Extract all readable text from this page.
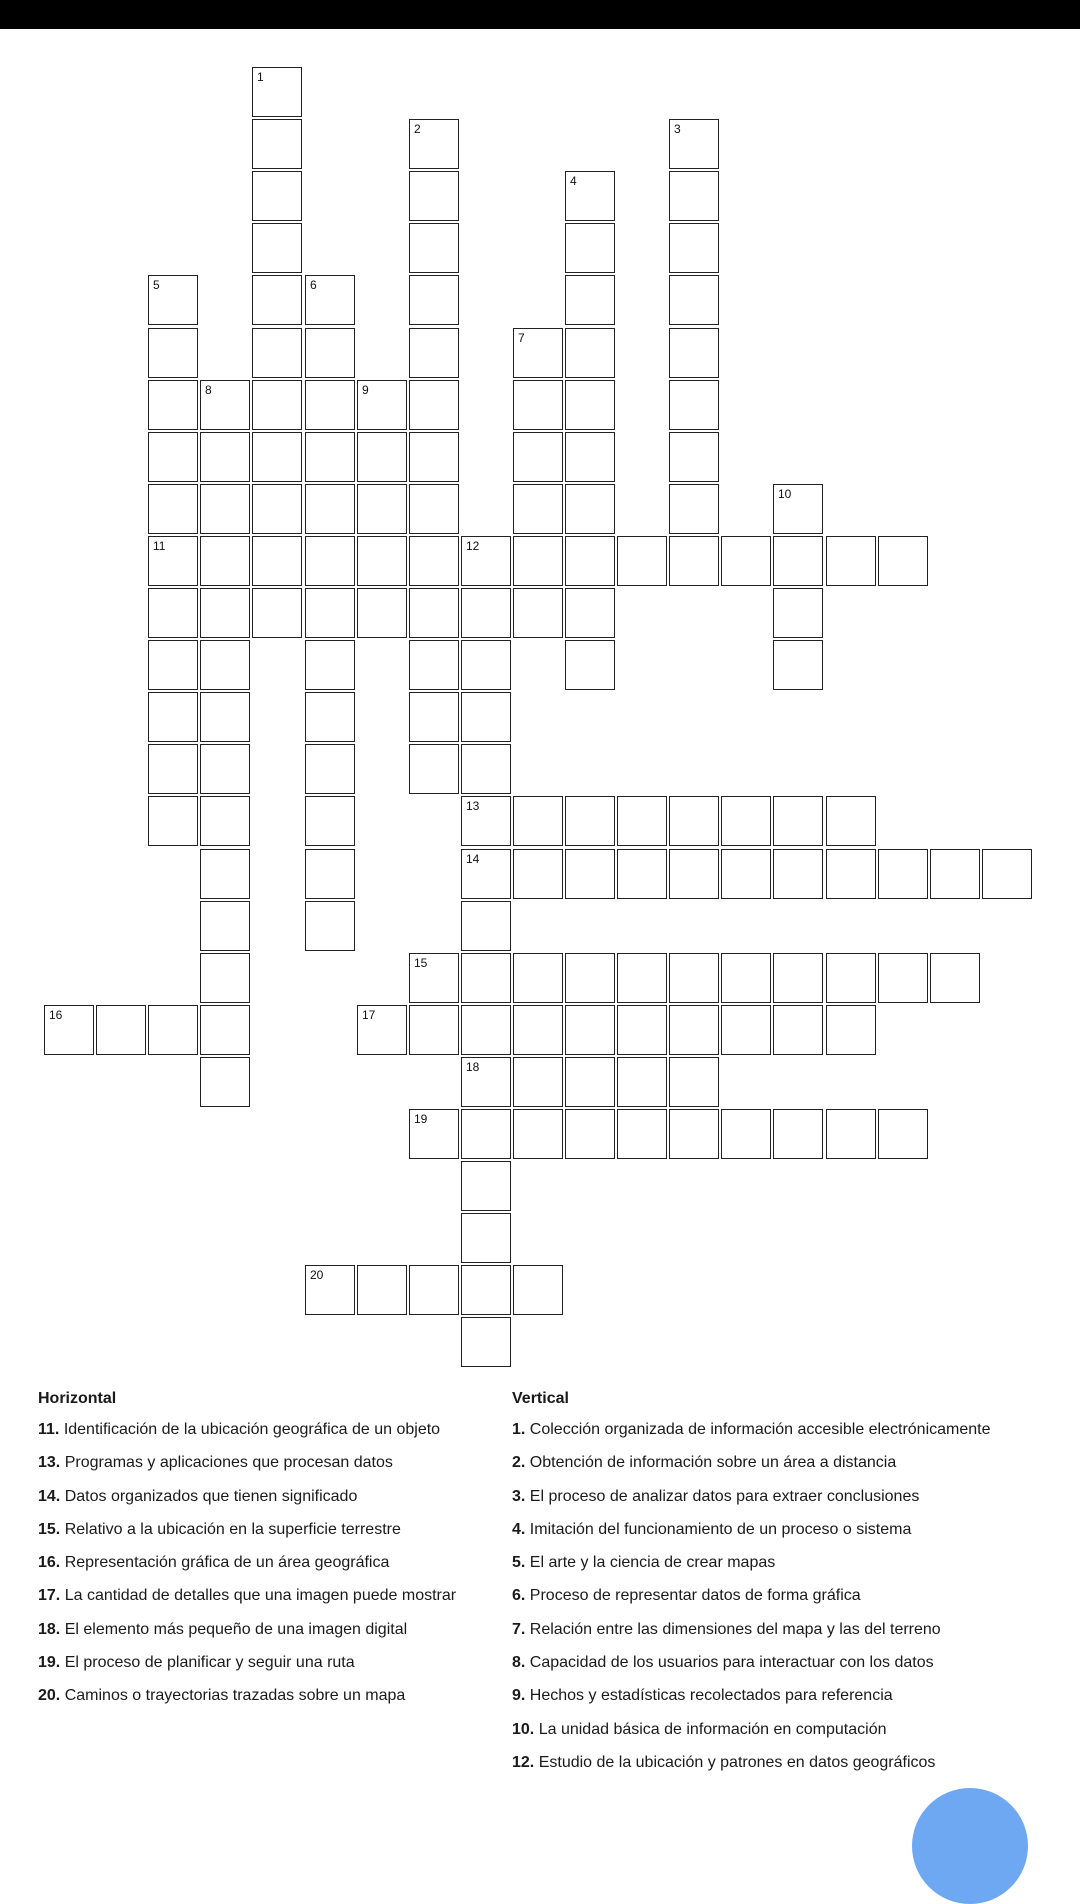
1
2	3
4
5
11
6
7
8	9
10
12
13
14
18
15
16	17
19
20
Horizontal
11. Identificación de la ubicación geográfica de un objeto
13. Programas y aplicaciones que procesan datos
14. Datos organizados que tienen significado
15. Relativo a la ubicación en la superficie terrestre
16. Representación gráfica de un área geográfica
17. La cantidad de detalles que una imagen puede mostrar
18. El elemento más pequeño de una imagen digital
19. El proceso de planificar y seguir una ruta
20. Caminos o trayectorias trazadas sobre un mapa
Vertical
1. Colección organizada de información accesible electrónicamente
2. Obtención de información sobre un área a distancia
3. El proceso de analizar datos para extraer conclusiones
4. Imitación del funcionamiento de un proceso o sistema
5. El arte y la ciencia de crear mapas
6. Proceso de representar datos de forma gráfica
7. Relación entre las dimensiones del mapa y las del terreno
8. Capacidad de los usuarios para interactuar con los datos
9. Hechos y estadísticas recolectados para referencia
10. La unidad básica de información en computación
12. Estudio de la ubicación y patrones en datos geográficos
